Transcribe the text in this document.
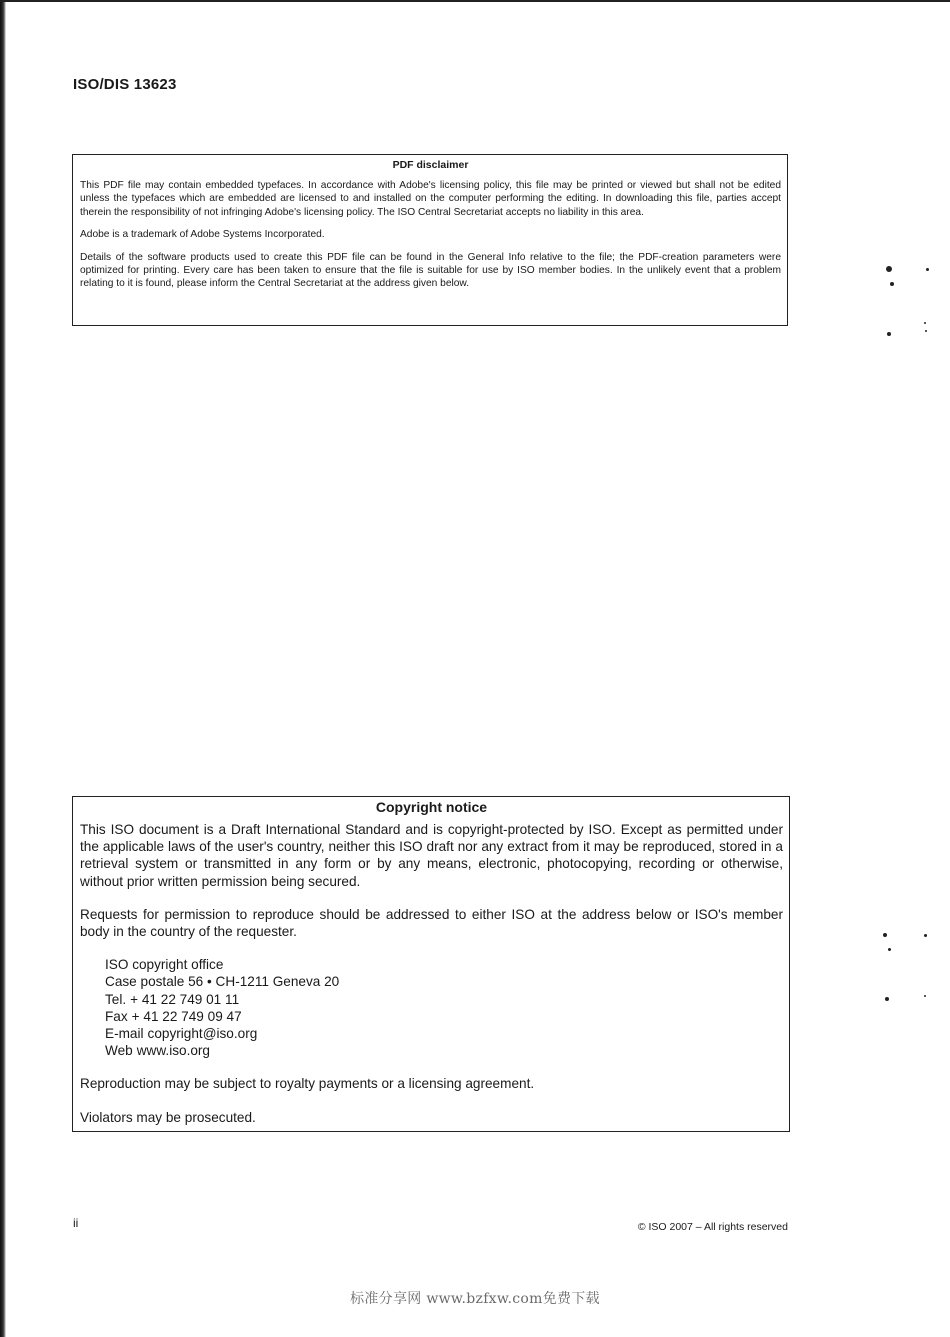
ISO/DIS 13623
PDF disclaimer

This PDF file may contain embedded typefaces. In accordance with Adobe's licensing policy, this file may be printed or viewed but shall not be edited unless the typefaces which are embedded are licensed to and installed on the computer performing the editing. In downloading this file, parties accept therein the responsibility of not infringing Adobe's licensing policy. The ISO Central Secretariat accepts no liability in this area.

Adobe is a trademark of Adobe Systems Incorporated.

Details of the software products used to create this PDF file can be found in the General Info relative to the file; the PDF-creation parameters were optimized for printing. Every care has been taken to ensure that the file is suitable for use by ISO member bodies. In the unlikely event that a problem relating to it is found, please inform the Central Secretariat at the address given below.

Copyright notice

This ISO document is a Draft International Standard and is copyright-protected by ISO. Except as permitted under the applicable laws of the user's country, neither this ISO draft nor any extract from it may be reproduced, stored in a retrieval system or transmitted in any form or by any means, electronic, photocopying, recording or otherwise, without prior written permission being secured.

Requests for permission to reproduce should be addressed to either ISO at the address below or ISO's member body in the country of the requester.

ISO copyright office
Case postale 56 • CH-1211 Geneva 20
Tel. + 41 22 749 01 11
Fax + 41 22 749 09 47
E-mail copyright@iso.org
Web www.iso.org

Reproduction may be subject to royalty payments or a licensing agreement.

Violators may be prosecuted.

ii	© ISO 2007 – All rights reserved
标准分享网 www.bzfxw.com免费下载
